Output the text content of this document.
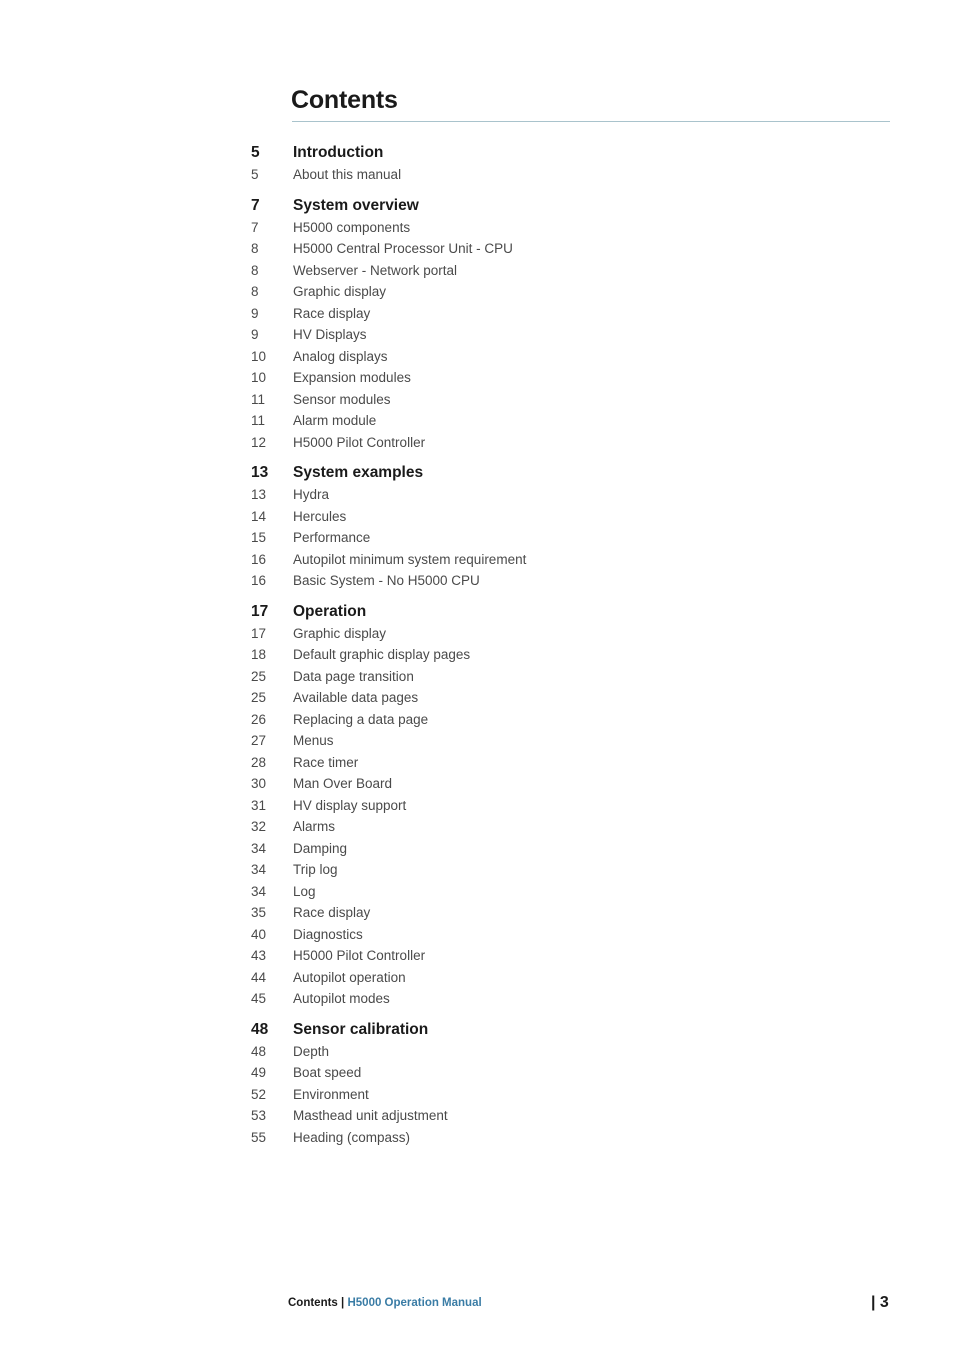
Contents
5	Introduction
5	About this manual
7	System overview
7	H5000 components
8	H5000 Central Processor Unit - CPU
8	Webserver - Network portal
8	Graphic display
9	Race display
9	HV Displays
10	Analog displays
10	Expansion modules
11	Sensor modules
11	Alarm module
12	H5000 Pilot Controller
13	System examples
13	Hydra
14	Hercules
15	Performance
16	Autopilot minimum system requirement
16	Basic System - No H5000 CPU
17	Operation
17	Graphic display
18	Default graphic display pages
25	Data page transition
25	Available data pages
26	Replacing a data page
27	Menus
28	Race timer
30	Man Over Board
31	HV display support
32	Alarms
34	Damping
34	Trip log
34	Log
35	Race display
40	Diagnostics
43	H5000 Pilot Controller
44	Autopilot operation
45	Autopilot modes
48	Sensor calibration
48	Depth
49	Boat speed
52	Environment
53	Masthead unit adjustment
55	Heading (compass)
Contents | H5000 Operation Manual	| 3
